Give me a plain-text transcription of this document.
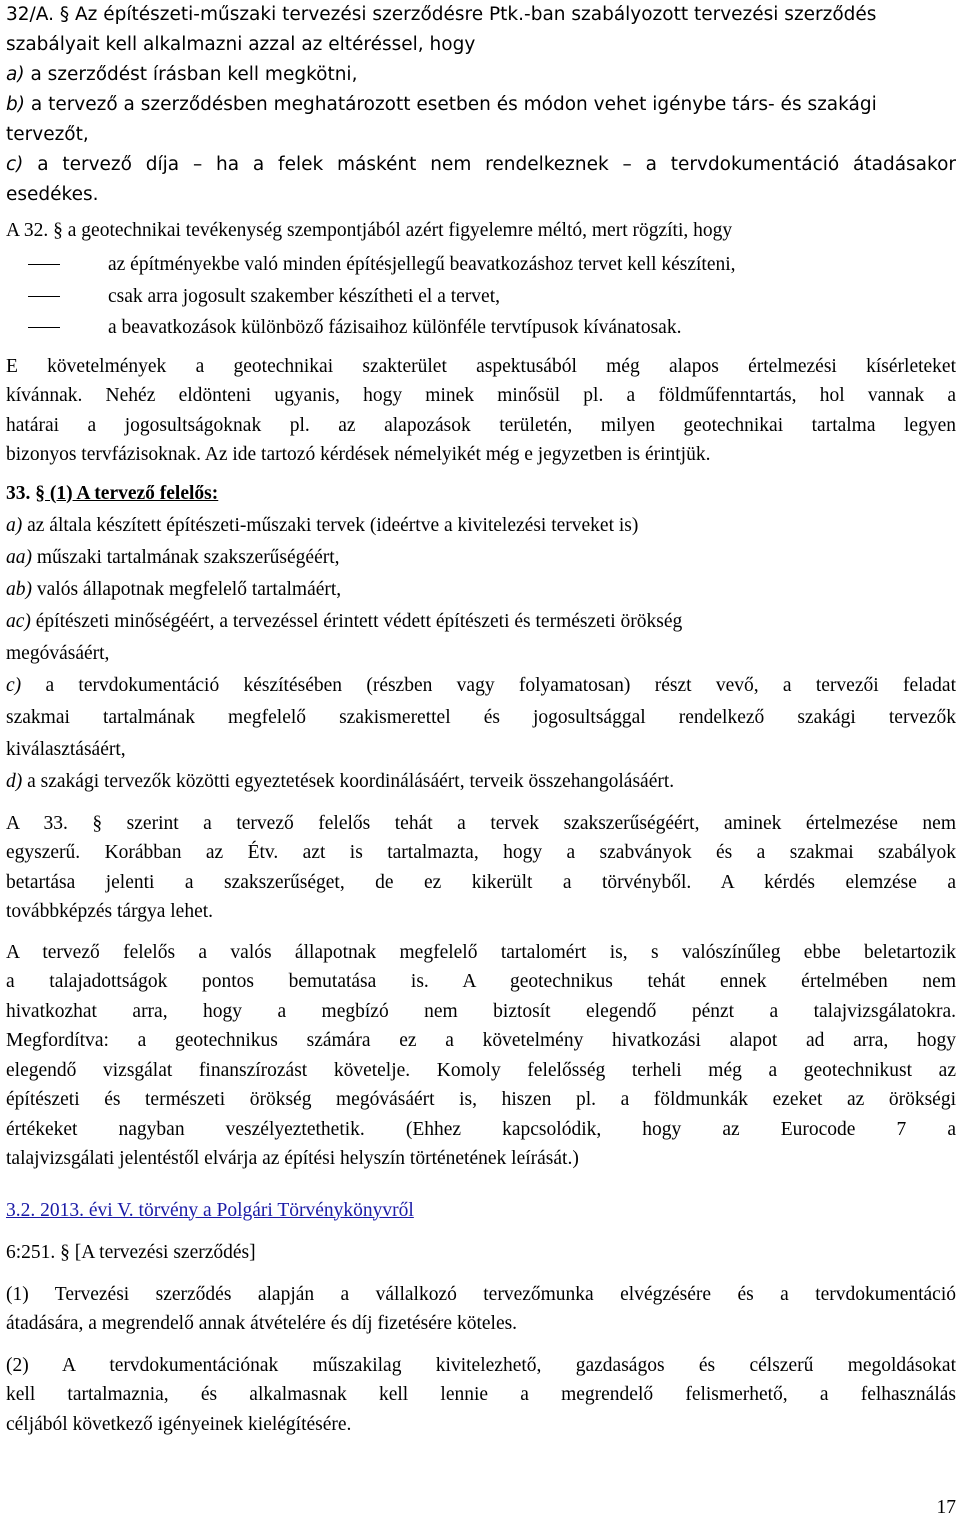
32/A. § Az építészeti-műszaki tervezési szerződésre Ptk.-ban szabályozott tervezési szerződés
szabályait kell alkalmazni azzal az eltéréssel, hogy
a) a szerződést írásban kell megkötni,
b) a tervező a szerződésben meghatározott esetben és módon vehet igénybe társ- és szakági
tervezőt,
c) a tervező díja – ha a felek másként nem rendelkeznek – a tervdokumentáció átadásakor
esedékes.
A 32. § a geotechnikai tevékenység szempontjából azért figyelemre méltó, mert rögzíti, hogy
az építményekbe való minden építésjellegű beavatkozáshoz tervet kell készíteni,
csak arra jogosult szakember készítheti el a tervet,
a beavatkozások különböző fázisaihoz különféle tervtípusok kívánatosak.
E követelmények a geotechnikai szakterület aspektusából még alapos értelmezési kísérleteket
kívánnak. Nehéz eldönteni ugyanis, hogy minek minősül pl. a földműfenntartás, hol vannak a
határai a jogosultságoknak pl. az alapozások területén, milyen geotechnikai tartalma legyen
bizonyos tervfázisoknak. Az ide tartozó kérdések némelyikét még e jegyzetben is érintjük.
33. § (1) A tervező felelős:
a) az általa készített építészeti-műszaki tervek (ideértve a kivitelezési terveket is)
aa) műszaki tartalmának szakszerűségéért,
ab) valós állapotnak megfelelő tartalmáért,
ac) építészeti minőségéért, a tervezéssel érintett védett építészeti és természeti örökség
megóvásáért,
c) a tervdokumentáció készítésében (részben vagy folyamatosan) részt vevő, a tervezői feladat
szakmai tartalmának megfelelő szakismerettel és jogosultsággal rendelkező szakági tervezők
kiválasztásáért,
d) a szakági tervezők közötti egyeztetések koordinálásáért, terveik összehangolásáért.
A 33. § szerint a tervező felelős tehát a tervek szakszerűségéért, aminek értelmezése nem
egyszerű. Korábban az Étv. azt is tartalmazta, hogy a szabványok és a szakmai szabályok
betartása jelenti a szakszerűséget, de ez kikerült a törvényből. A kérdés elemzése a
továbbképzés tárgya lehet.
A tervező felelős a valós állapotnak megfelelő tartalomért is, s valószínűleg ebbe beletartozik
a talajadottságok pontos bemutatása is. A geotechnikus tehát ennek értelmében nem
hivatkozhat arra, hogy a megbízó nem biztosít elegendő pénzt a talajvizsgálatokra.
Megfordítva: a geotechnikus számára ez a követelmény hivatkozási alapot ad arra, hogy
elegendő vizsgálat finanszírozást követelje. Komoly felelősség terheli még a geotechnikust az
építészeti és természeti örökség megóvásáért is, hiszen pl. a földmunkák ezeket az örökségi
értékeket nagyban veszélyeztethetik. (Ehhez kapcsolódik, hogy az Eurocode 7 a
talajvizsgálati jelentéstől elvárja az építési helyszín történetének leírását.)
3.2. 2013. évi V. törvény a Polgári Törvénykönyvről
6:251. § [A tervezési szerződés]
(1) Tervezési szerződés alapján a vállalkozó tervezőmunka elvégzésére és a tervdokumentáció
átadására, a megrendelő annak átvételére és díj fizetésére köteles.
(2) A tervdokumentációnak műszakilag kivitelezhető, gazdaságos és célszerű megoldásokat
kell tartalmaznia, és alkalmasnak kell lennie a megrendelő felismerhető, a felhasználás
céljából következő igényeinek kielégítésére.
17
